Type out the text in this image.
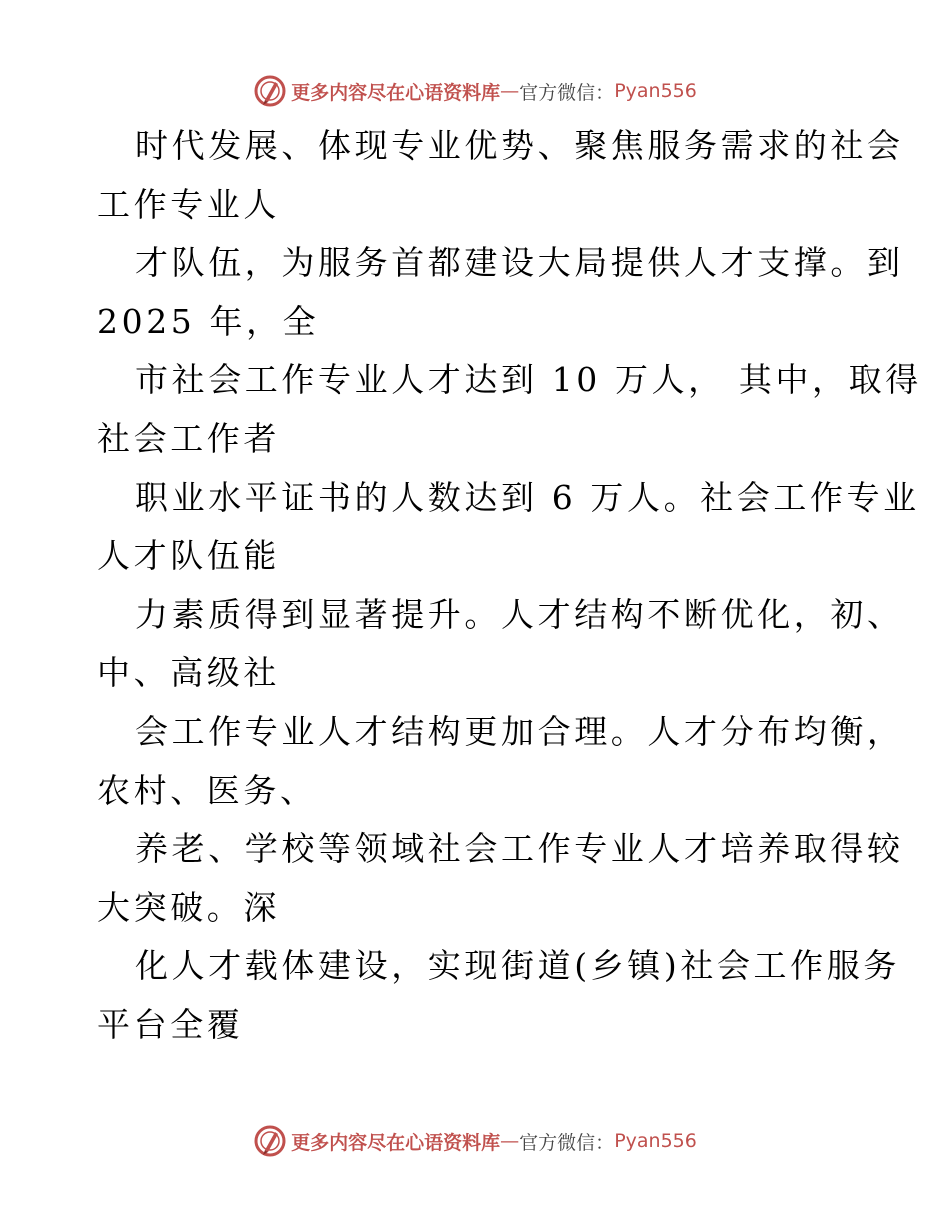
更多内容尽在心语资料库 — 官方微信： Pyan556
时代发展、体现专业优势、聚焦服务需求的社会
工作专业人
才队伍，为服务首都建设大局提供人才支撑。到
2025 年，全
市社会工作专业人才达到 10 万人， 其中，取得
社会工作者
职业水平证书的人数达到 6 万人。社会工作专业
人才队伍能
力素质得到显著提升。人才结构不断优化，初、
中、高级社
会工作专业人才结构更加合理。人才分布均衡，
农村、医务、
养老、学校等领域社会工作专业人才培养取得较
大突破。深
化人才载体建设，实现街道(乡镇)社会工作服务
平台全覆
更多内容尽在心语资料库 — 官方微信： Pyan556
